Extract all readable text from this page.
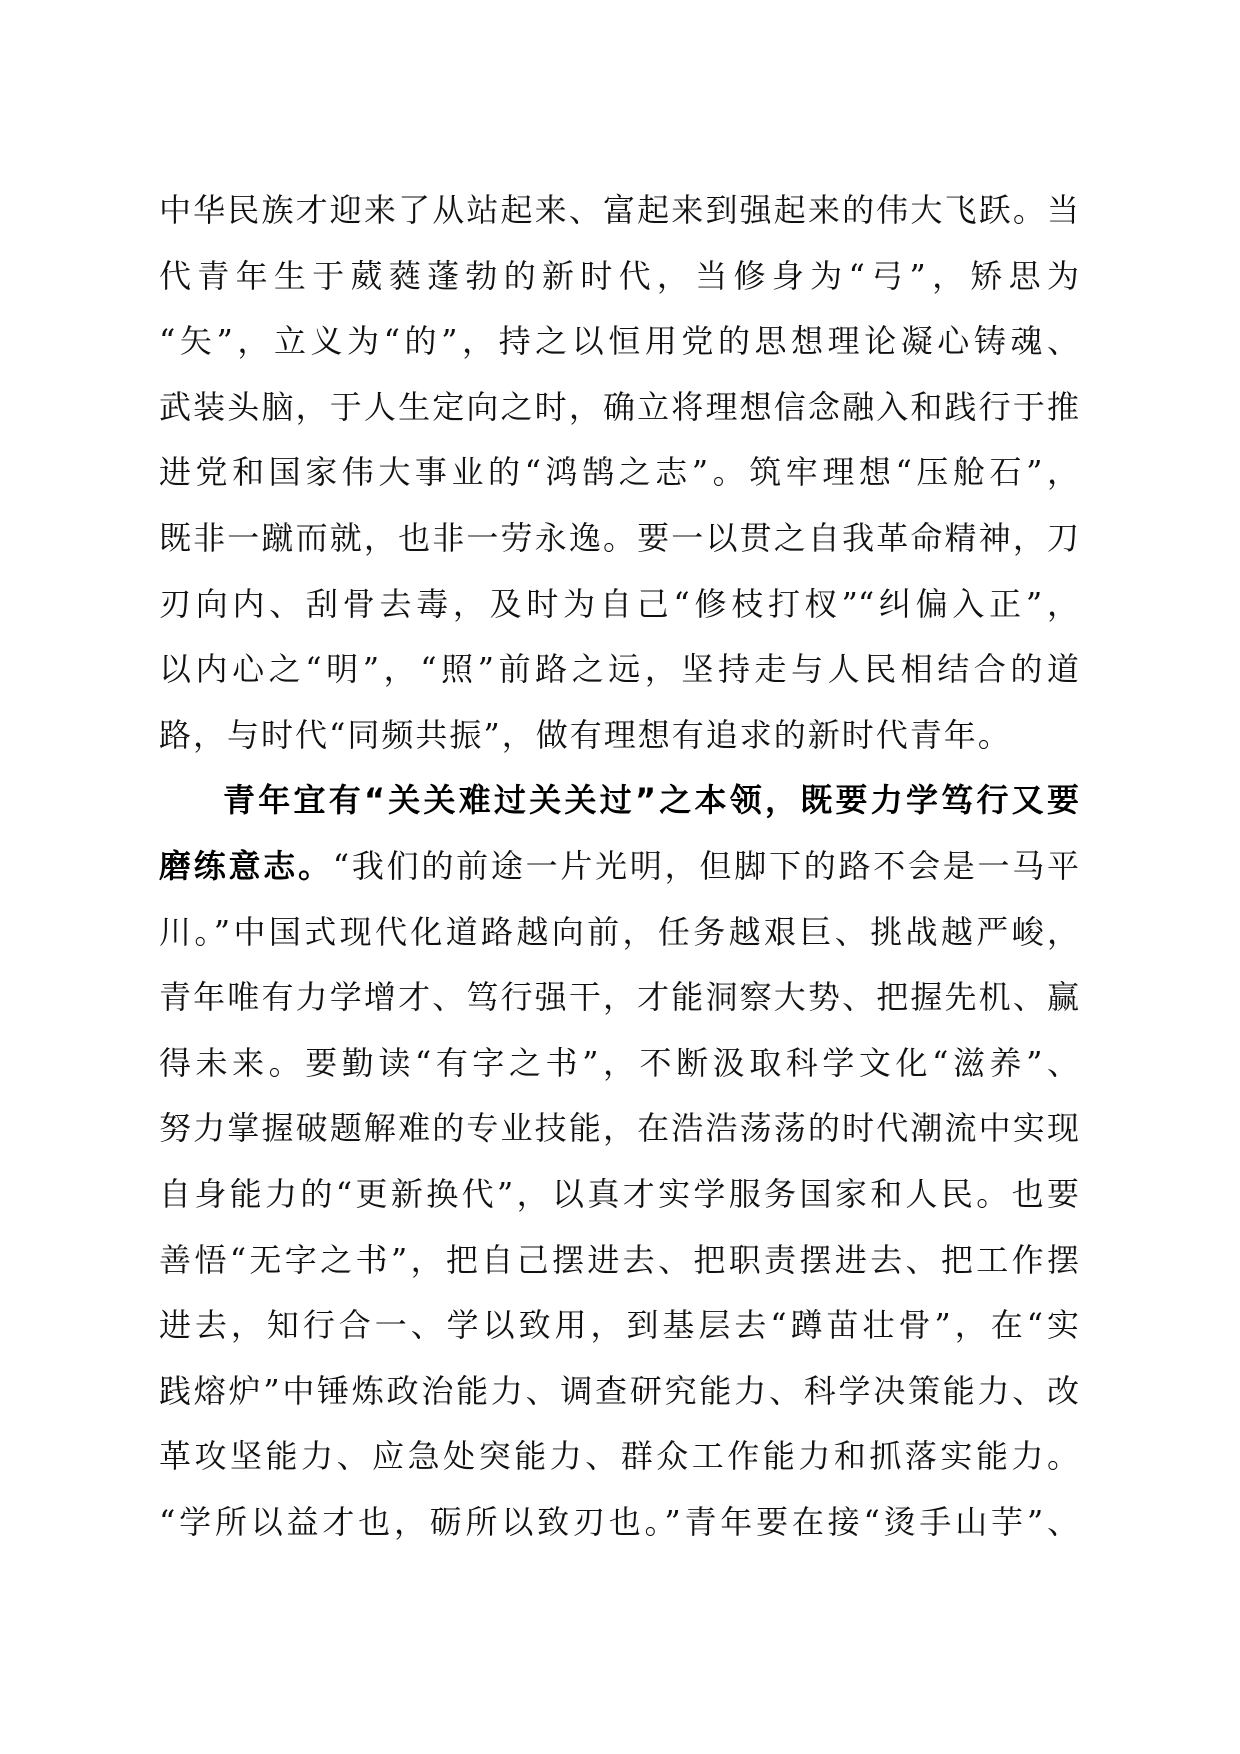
中华民族才迎来了从站起来、富起来到强起来的伟大飞跃。当
代青年生于葳蕤蓬勃的新时代，当修身为“弓”，矫思为
“矢”，立义为“的”，持之以恒用党的思想理论凝心铸魂、
武装头脑，于人生定向之时，确立将理想信念融入和践行于推
进党和国家伟大事业的“鸿鹄之志”。筑牢理想“压舱石”，
既非一蹴而就，也非一劳永逸。要一以贯之自我革命精神，刀
刃向内、刮骨去毒，及时为自己“修枝打杈”“纠偏入正”，
以内心之“明”，“照”前路之远，坚持走与人民相结合的道
路，与时代“同频共振”，做有理想有追求的新时代青年。
青年宜有“关关难过关关过”之本领，既要力学笃行又要
磨练意志。“我们的前途一片光明，但脚下的路不会是一马平
川。”中国式现代化道路越向前，任务越艰巨、挑战越严峻，
青年唯有力学增才、笃行强干，才能洞察大势、把握先机、赢
得未来。要勤读“有字之书”，不断汲取科学文化“滋养”、
努力掌握破题解难的专业技能，在浩浩荡荡的时代潮流中实现
自身能力的“更新换代”，以真才实学服务国家和人民。也要
善悟“无字之书”，把自己摆进去、把职责摆进去、把工作摆
进去，知行合一、学以致用，到基层去“蹲苗壮骨”，在“实
践熔炉”中锤炼政治能力、调查研究能力、科学决策能力、改
革攻坚能力、应急处突能力、群众工作能力和抓落实能力。
“学所以益才也，砺所以致刃也。”青年要在接“烫手山芋”、
